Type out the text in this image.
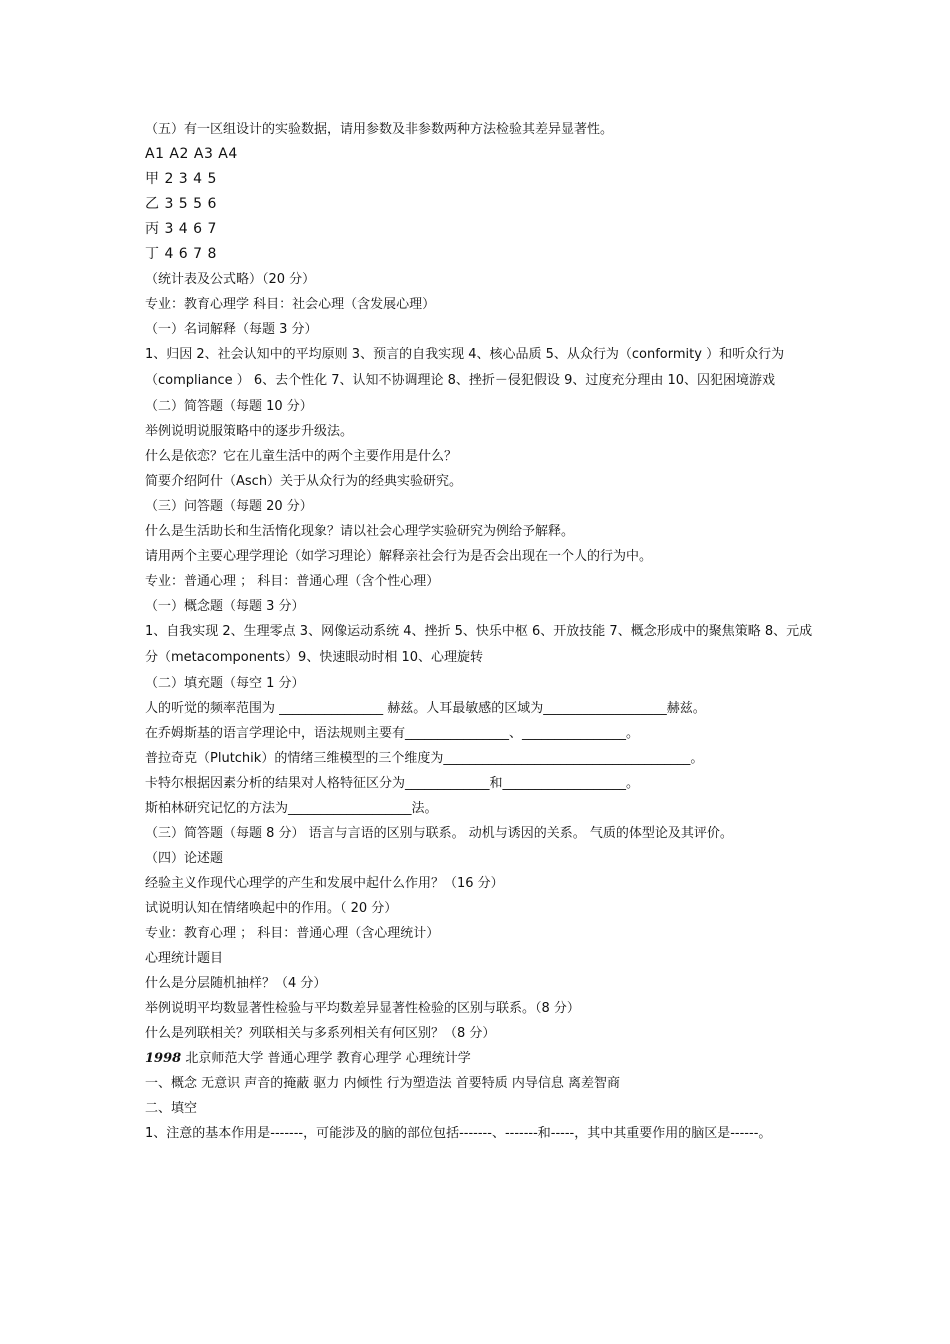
（五）有一区组设计的实验数据，请用参数及非参数两种方法检验其差异显著性。
A1 A2 A3 A4
甲 2 3 4 5
乙 3 5 5 6
丙 3 4 6 7
丁 4 6 7 8
（统计表及公式略）（20 分）
专业：教育心理学 科目：社会心理（含发展心理）
（一）名词解释（每题 3 分）
1、归因 2、社会认知中的平均原则 3、预言的自我实现 4、核心品质 5、从众行为（conformity ）和听众行为（compliance ） 6、去个性化 7、认知不协调理论 8、挫折－侵犯假设 9、过度充分理由 10、囚犯困境游戏
（二）简答题（每题 10 分）
举例说明说服策略中的逐步升级法。
什么是依恋？它在儿童生活中的两个主要作用是什么？
简要介绍阿什（Asch）关于从众行为的经典实验研究。
（三）问答题（每题 20 分）
什么是生活助长和生活惰化现象？请以社会心理学实验研究为例给予解释。
请用两个主要心理学理论（如学习理论）解释亲社会行为是否会出现在一个人的行为中。
专业：普通心理 ； 科目：普通心理（含个性心理）
（一）概念题（每题 3 分）
1、自我实现 2、生理零点 3、网像运动系统 4、挫折 5、快乐中枢 6、开放技能 7、概念形成中的聚焦策略 8、元成分（metacomponents）9、快速眼动时相 10、心理旋转
（二）填充题（每空 1 分）
人的听觉的频率范围为 ________________ 赫兹。人耳最敏感的区域为___________________赫兹。
在乔姆斯基的语言学理论中，语法规则主要有________________、________________。
普拉奇克（Plutchik）的情绪三维模型的三个维度为______________________________________。
卡特尔根据因素分析的结果对人格特征区分为_____________和___________________。
斯柏林研究记忆的方法为___________________法。
（三）简答题（每题 8 分） 语言与言语的区别与联系。 动机与诱因的关系。 气质的体型论及其评价。
（四）论述题
经验主义作现代心理学的产生和发展中起什么作用？（16 分）
试说明认知在情绪唤起中的作用。（ 20 分）
专业：教育心理 ； 科目：普通心理（含心理统计）
心理统计题目
什么是分层随机抽样？（4 分）
举例说明平均数显著性检验与平均数差异显著性检验的区别与联系。（8 分）
什么是列联相关？列联相关与多系列相关有何区别？（8 分）
1998 北京师范大学 普通心理学 教育心理学 心理统计学
一、概念 无意识 声音的掩蔽 驱力 内倾性 行为塑造法 首要特质 内导信息 离差智商
二、填空
1、注意的基本作用是-------，可能涉及的脑的部位包括-------、-------和-----，其中其重要作用的脑区是------。
